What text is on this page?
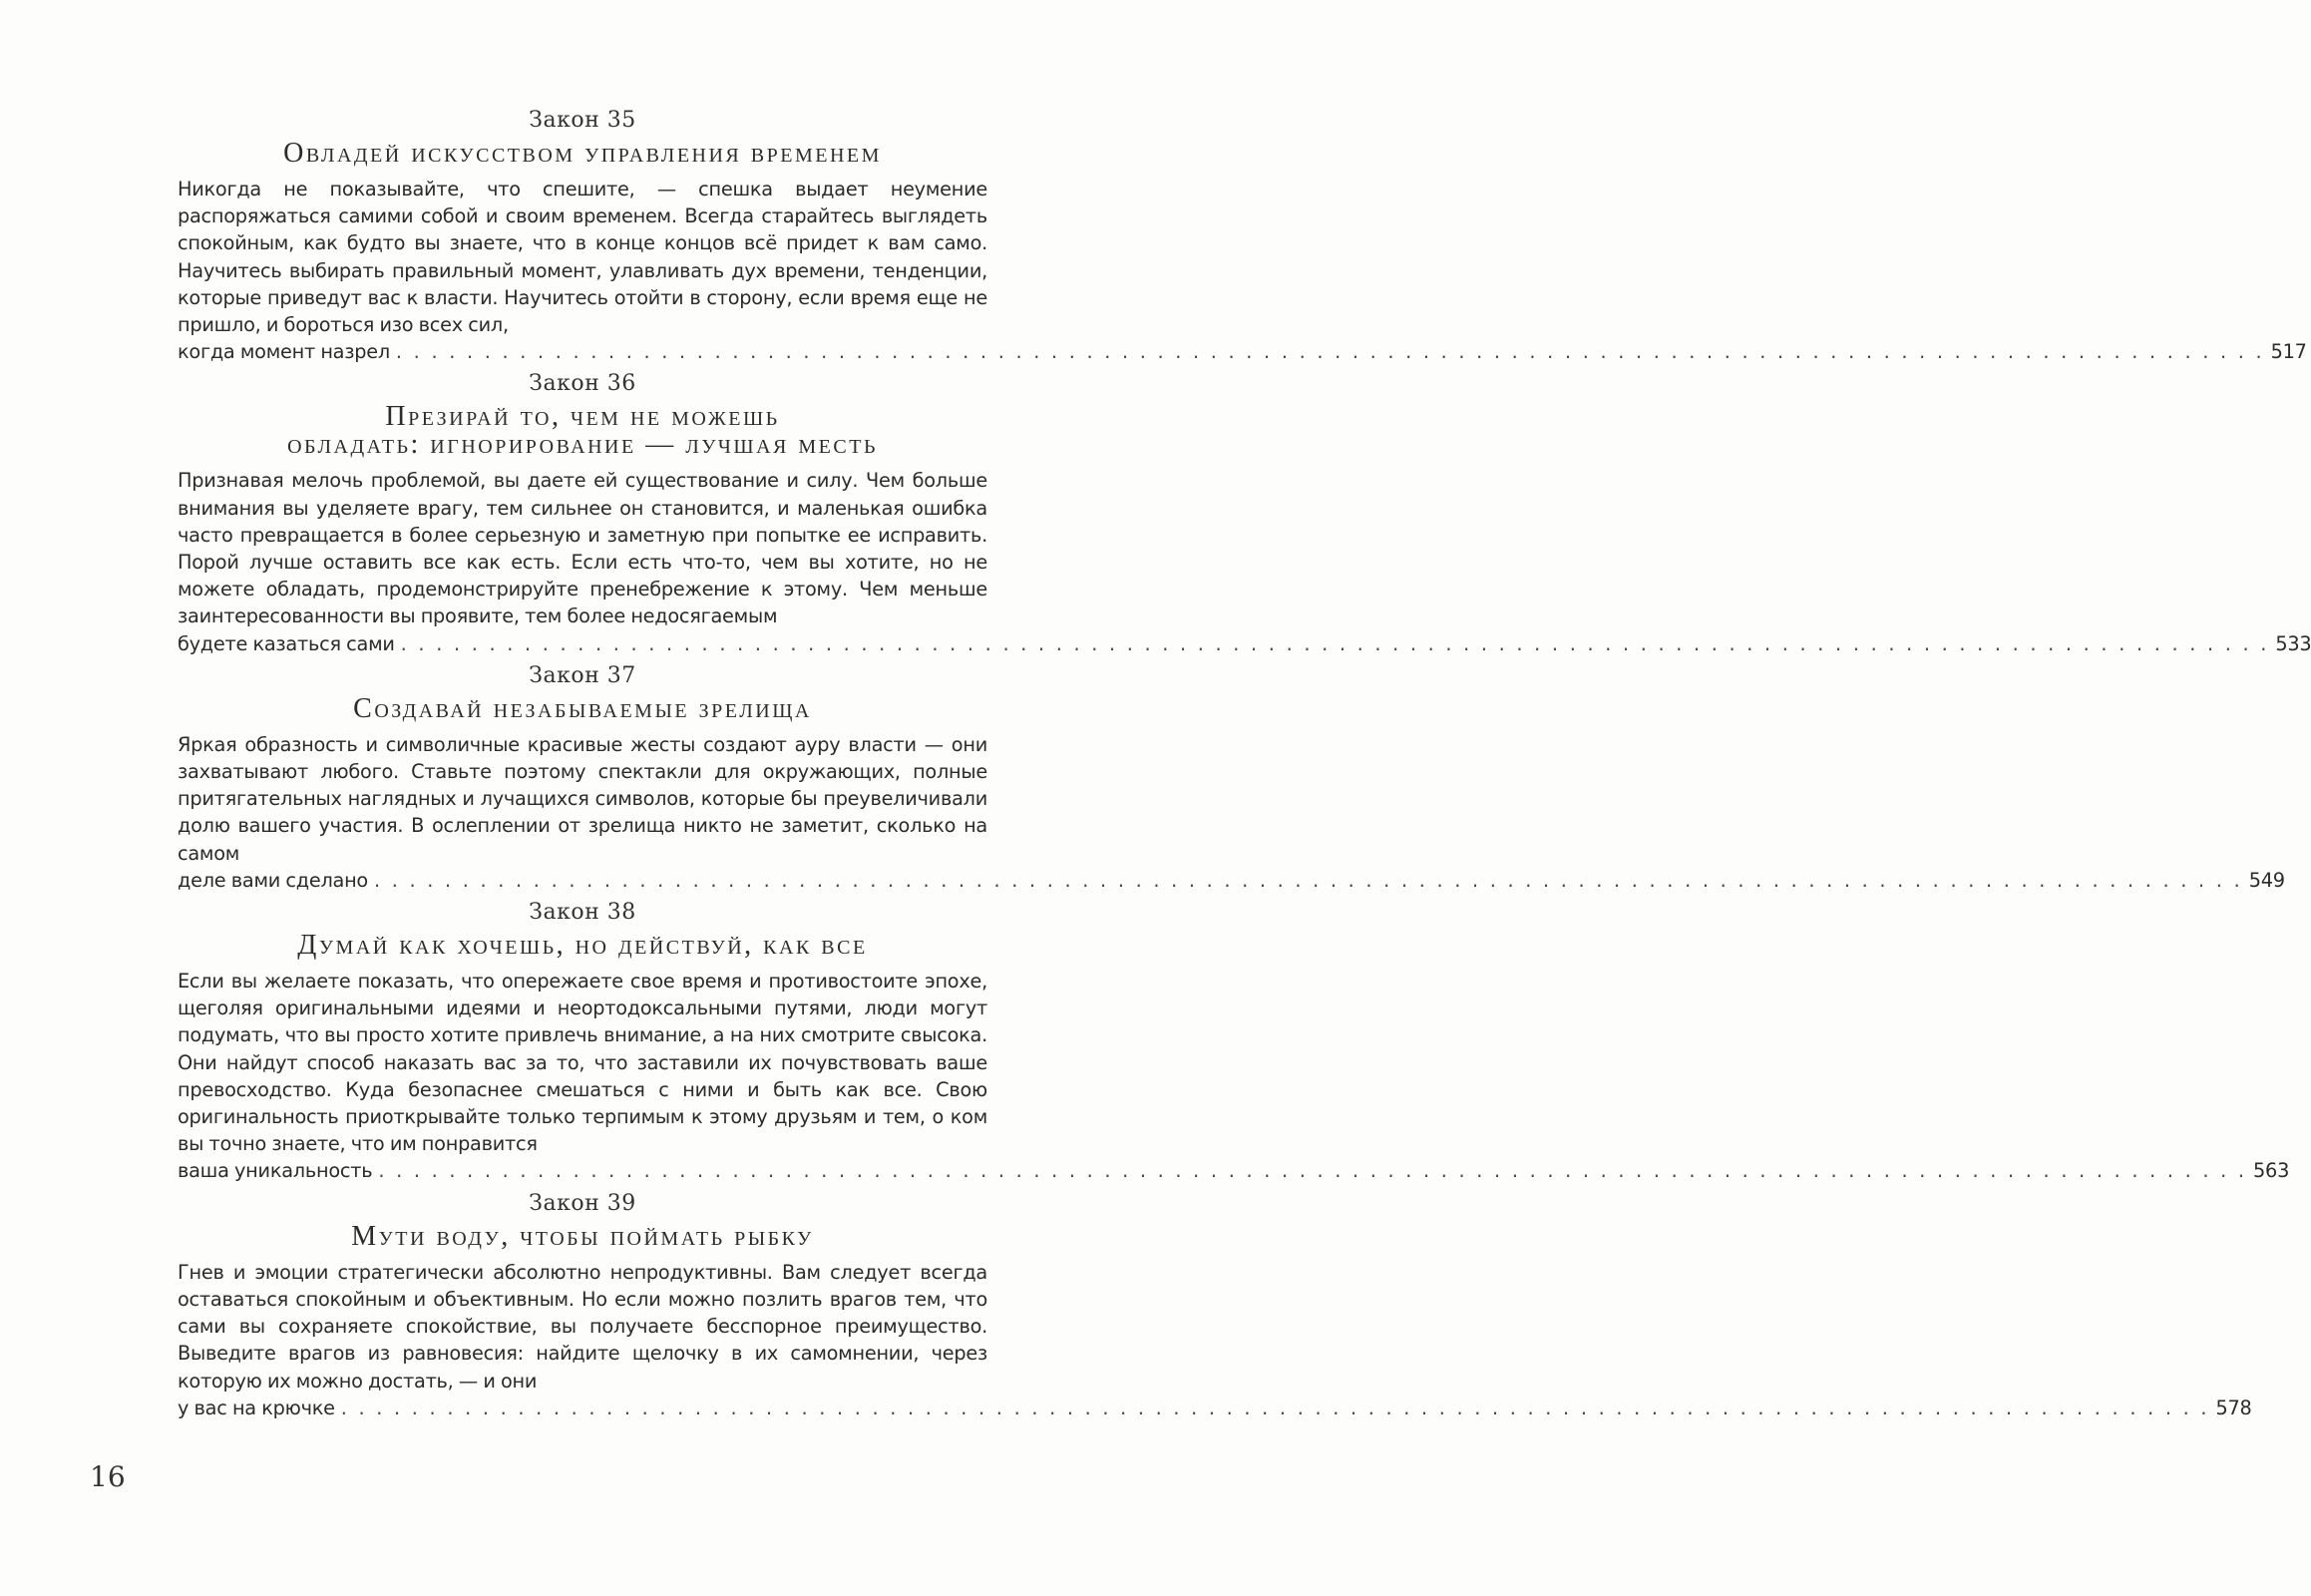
Закон 35
Овладей искусством управления временем
Никогда не показывайте, что спешите, — спешка выдает неумение распоряжаться самими собой и своим временем. Всегда старайтесь выглядеть спокойным, как будто вы знаете, что в конце концов всё придет к вам само. Научитесь выбирать правильный момент, улавливать дух времени, тенденции, которые приведут вас к власти. Научитесь отойти в сторону, если время еще не пришло, и бороться изо всех сил,
когда момент назрел . . . . . . . . . . . . . . . . . . . . . . . . . . . . . . . . . . . . . . . . . . . . . . . . . . . . . . . . . . . . . . . . . . . . . . . . . . . . . . . . . . . . . . . . . . . . . . . . . . . . . . . . . . 517
Закон 36
Презирай то, чем не можешь
обладать: игнорирование — лучшая месть
Признавая мелочь проблемой, вы даете ей существование и силу. Чем больше внимания вы уделяете врагу, тем сильнее он становится, и маленькая ошибка часто превращается в более серьезную и заметную при попытке ее исправить. Порой лучше оставить все как есть. Если есть что-то, чем вы хотите, но не можете обладать, продемонстрируйте пренебрежение к этому. Чем меньше заинтересованности вы проявите, тем более недосягаемым
будете казаться сами . . . . . . . . . . . . . . . . . . . . . . . . . . . . . . . . . . . . . . . . . . . . . . . . . . . . . . . . . . . . . . . . . . . . . . . . . . . . . . . . . . . . . . . . . . . . . . . . . . . . . . . . . . 533
Закон 37
Создавай незабываемые зрелища
Яркая образность и символичные красивые жесты создают ауру власти — они захватывают любого. Ставьте поэтому спектакли для окружающих, полные притягательных наглядных и лучащихся символов, которые бы преувеличивали долю вашего участия. В ослеплении от зрелища никто не заметит, сколько на самом
деле вами сделано . . . . . . . . . . . . . . . . . . . . . . . . . . . . . . . . . . . . . . . . . . . . . . . . . . . . . . . . . . . . . . . . . . . . . . . . . . . . . . . . . . . . . . . . . . . . . . . . . . . . . . . . . . 549
Закон 38
Думай как хочешь, но действуй, как все
Если вы желаете показать, что опережаете свое время и противостоите эпохе, щеголяя оригинальными идеями и неортодоксальными путями, люди могут подумать, что вы просто хотите привлечь внимание, а на них смотрите свысока. Они найдут способ наказать вас за то, что заставили их почувствовать ваше превосходство. Куда безопаснее смешаться с ними и быть как все. Свою оригинальность приоткрывайте только терпимым к этому друзьям и тем, о ком вы точно знаете, что им понравится
ваша уникальность . . . . . . . . . . . . . . . . . . . . . . . . . . . . . . . . . . . . . . . . . . . . . . . . . . . . . . . . . . . . . . . . . . . . . . . . . . . . . . . . . . . . . . . . . . . . . . . . . . . . . . . . . . 563
Закон 39
Мути воду, чтобы поймать рыбку
Гнев и эмоции стратегически абсолютно непродуктивны. Вам следует всегда оставаться спокойным и объективным. Но если можно позлить врагов тем, что сами вы сохраняете спокойствие, вы получаете бесспорное преимущество. Выведите врагов из равновесия: найдите щелочку в их самомнении, через которую их можно достать, — и они
у вас на крючке . . . . . . . . . . . . . . . . . . . . . . . . . . . . . . . . . . . . . . . . . . . . . . . . . . . . . . . . . . . . . . . . . . . . . . . . . . . . . . . . . . . . . . . . . . . . . . . . . . . . . . . . . . 578
16
